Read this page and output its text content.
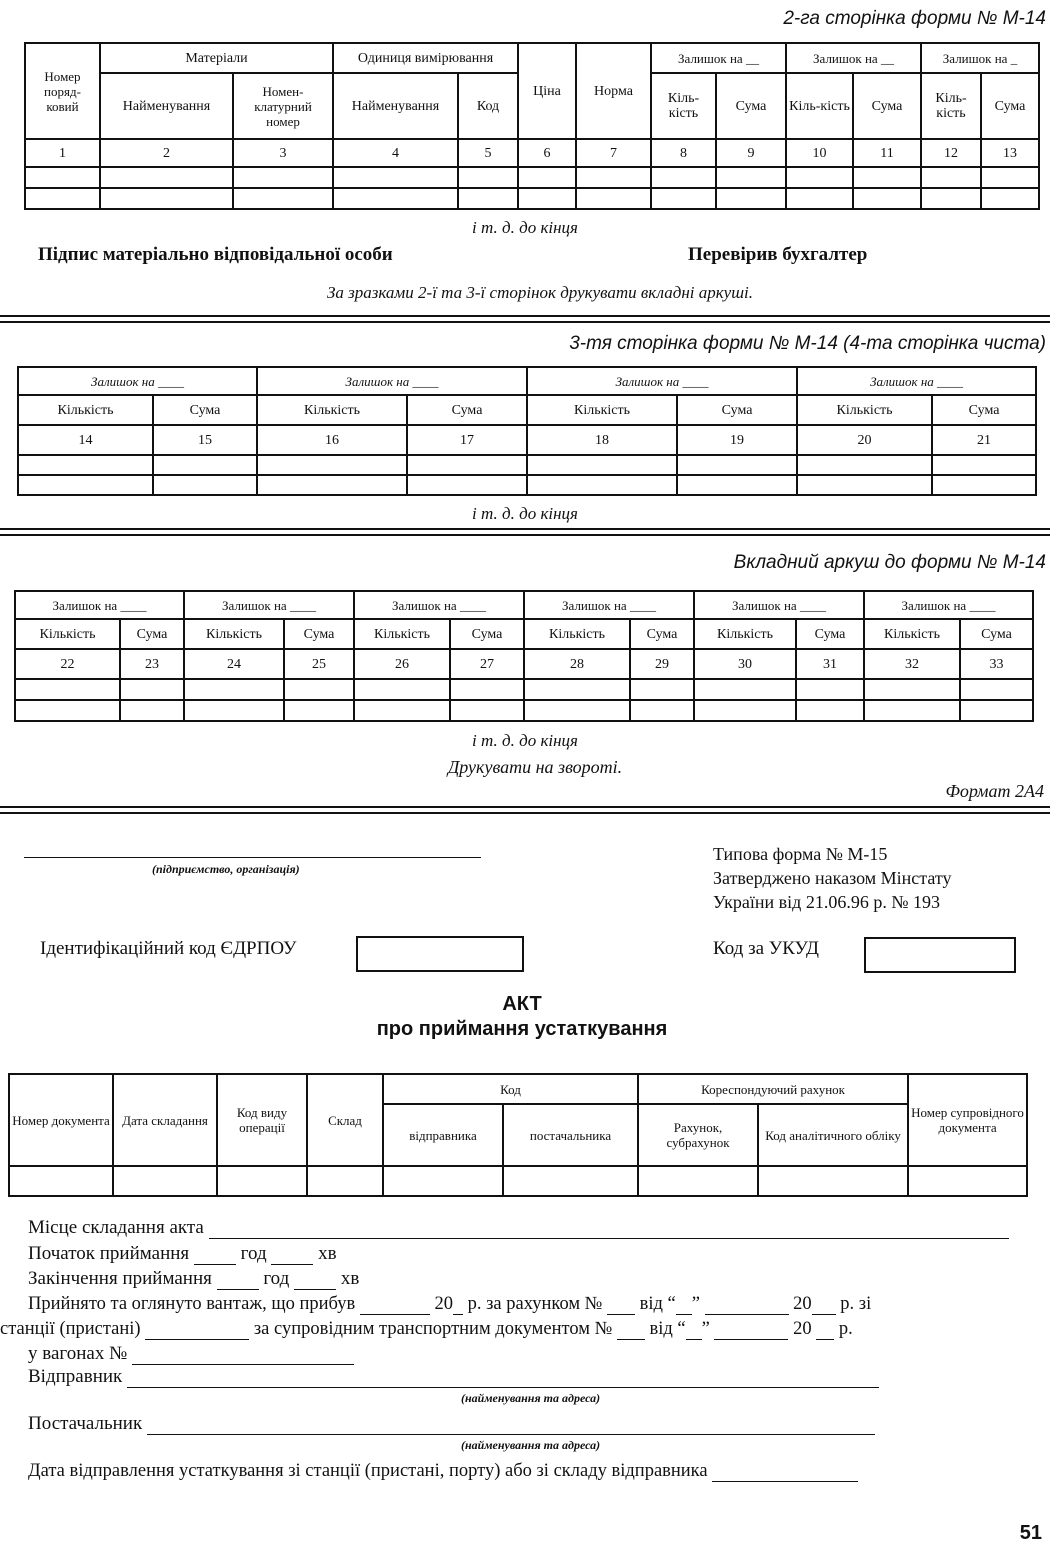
2-га сторінка форми № М-14
Номер поряд-ковий	Матеріали		Одиниця вимірювання		Ціна	Норма	Залишок на __		Залишок на __		Залишок на _	
	Найменування	Номен-клатурний номер	Найменування	Код			Кіль-кість	Сума	Кіль-кість	Сума	Кіль-кість	Сума
1	2	3	4	5	6	7	8	9	10	11	12	13

і т. д. до кінця
Підпис матеріально відповідальної особи	Перевірив бухгалтер
За зразками 2-ї та 3-ї сторінок друкувати вкладні аркуші.
3-тя сторінка форми № М-14 (4-та сторінка чиста)
Залишок на ____		Залишок на ____		Залишок на ____		Залишок на ____	
Кількість	Сума	Кількість	Сума	Кількість	Сума	Кількість	Сума
14	15	16	17	18	19	20	21

і т. д. до кінця
Вкладний аркуш до форми № М-14
Залишок на ____		Залишок на ____		Залишок на ____		Залишок на ____		Залишок на ____		Залишок на ____	
Кількість	Сума	Кількість	Сума	Кількість	Сума	Кількість	Сума	Кількість	Сума	Кількість	Сума
22	23	24	25	26	27	28	29	30	31	32	33

і т. д. до кінця
Друкувати на звороті.
Формат 2А4
(підприємство, організація)
Типова форма № М-15
Затверджено наказом Мінстату
України від 21.06.96 р. № 193
Ідентифікаційний код ЄДРПОУ	Код за УКУД
АКТ
про приймання устаткування
Номер документа	Дата складання	Код виду операції	Склад	Код		Кореспондуючий рахунок		Номер супровідного документа
				відправника	постачальника	Рахунок, субрахунок	Код аналітичного обліку	

Місце складання акта
Початок приймання	год	хв
Закінчення приймання	год	хв
Прийнято та оглянуто вантаж, що прибув	20 р. за рахунком № від “ ”	20 р. зі
станції (пристані)	за супровідним транспортним документом № від “ ”	20 р.
у вагонах №
Відправник
(найменування та адреса)
Постачальник
(найменування та адреса)
Дата відправлення устаткування зі станції (пристані, порту) або зі складу відправника
51
